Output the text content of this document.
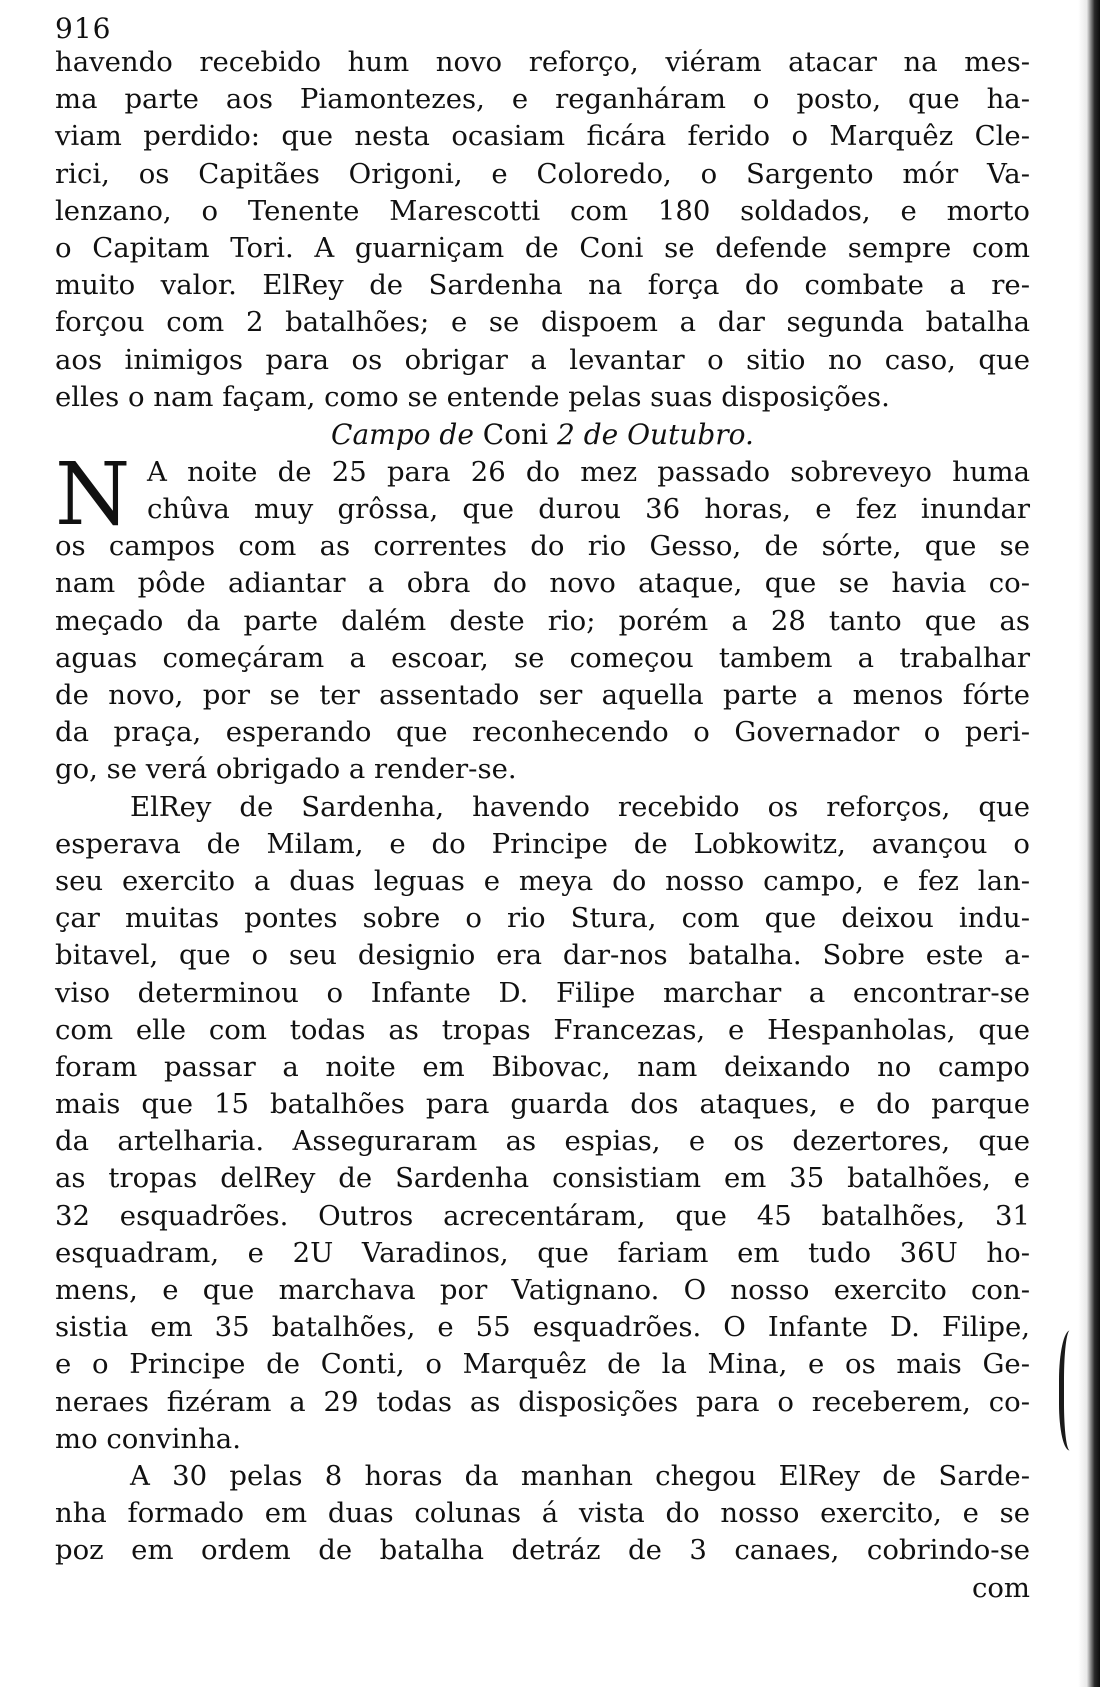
916
havendo recebido hum novo reforço, viéram atacar na mes-
ma parte aos Piamontezes, e reganháram o posto, que ha-
viam perdido: que nesta ocasiam ficára ferido o Marquêz Cle-
rici, os Capitães Origoni, e Coloredo, o Sargento mór Va-
lenzano, o Tenente Marescotti com 180 soldados, e morto
o Capitam Tori. A guarniçam de Coni se defende sempre com
muito valor. ElRey de Sardenha na força do combate a re-
forçou com 2 batalhões; e se dispoem a dar segunda batalha
aos inimigos para os obrigar a levantar o sitio no caso, que
elles o nam façam, como se entende pelas suas disposições.
Campo de Coni 2 de Outubro.
N A noite de 25 para 26 do mez passado sobreveyo huma
chûva muy grôssa, que durou 36 horas, e fez inundar
os campos com as correntes do rio Gesso, de sórte, que se
nam pôde adiantar a obra do novo ataque, que se havia co-
meçado da parte dalém deste rio; porém a 28 tanto que as
aguas começáram a escoar, se começou tambem a trabalhar
de novo, por se ter assentado ser aquella parte a menos fórte
da praça, esperando que reconhecendo o Governador o peri-
go, se verá obrigado a render-se.
ElRey de Sardenha, havendo recebido os reforços, que
esperava de Milam, e do Principe de Lobkowitz, avançou o
seu exercito a duas leguas e meya do nosso campo, e fez lan-
çar muitas pontes sobre o rio Stura, com que deixou indu-
bitavel, que o seu designio era dar-nos batalha. Sobre este a-
viso determinou o Infante D. Filipe marchar a encontrar-se
com elle com todas as tropas Francezas, e Hespanholas, que
foram passar a noite em Bibovac, nam deixando no campo
mais que 15 batalhões para guarda dos ataques, e do parque
da artelharia. Asseguraram as espias, e os dezertores, que
as tropas delRey de Sardenha consistiam em 35 batalhões, e
32 esquadrões. Outros acrecentáram, que 45 batalhões, 31
esquadram, e 2U Varadinos, que fariam em tudo 36U ho-
mens, e que marchava por Vatignano. O nosso exercito con-
sistia em 35 batalhões, e 55 esquadrões. O Infante D. Filipe,
e o Principe de Conti, o Marquêz de la Mina, e os mais Ge-
neraes fizéram a 29 todas as disposições para o receberem, co-
mo convinha.
A 30 pelas 8 horas da manhan chegou ElRey de Sarde-
nha formado em duas colunas á vista do nosso exercito, e se
poz em ordem de batalha detráz de 3 canaes, cobrindo-se
com
